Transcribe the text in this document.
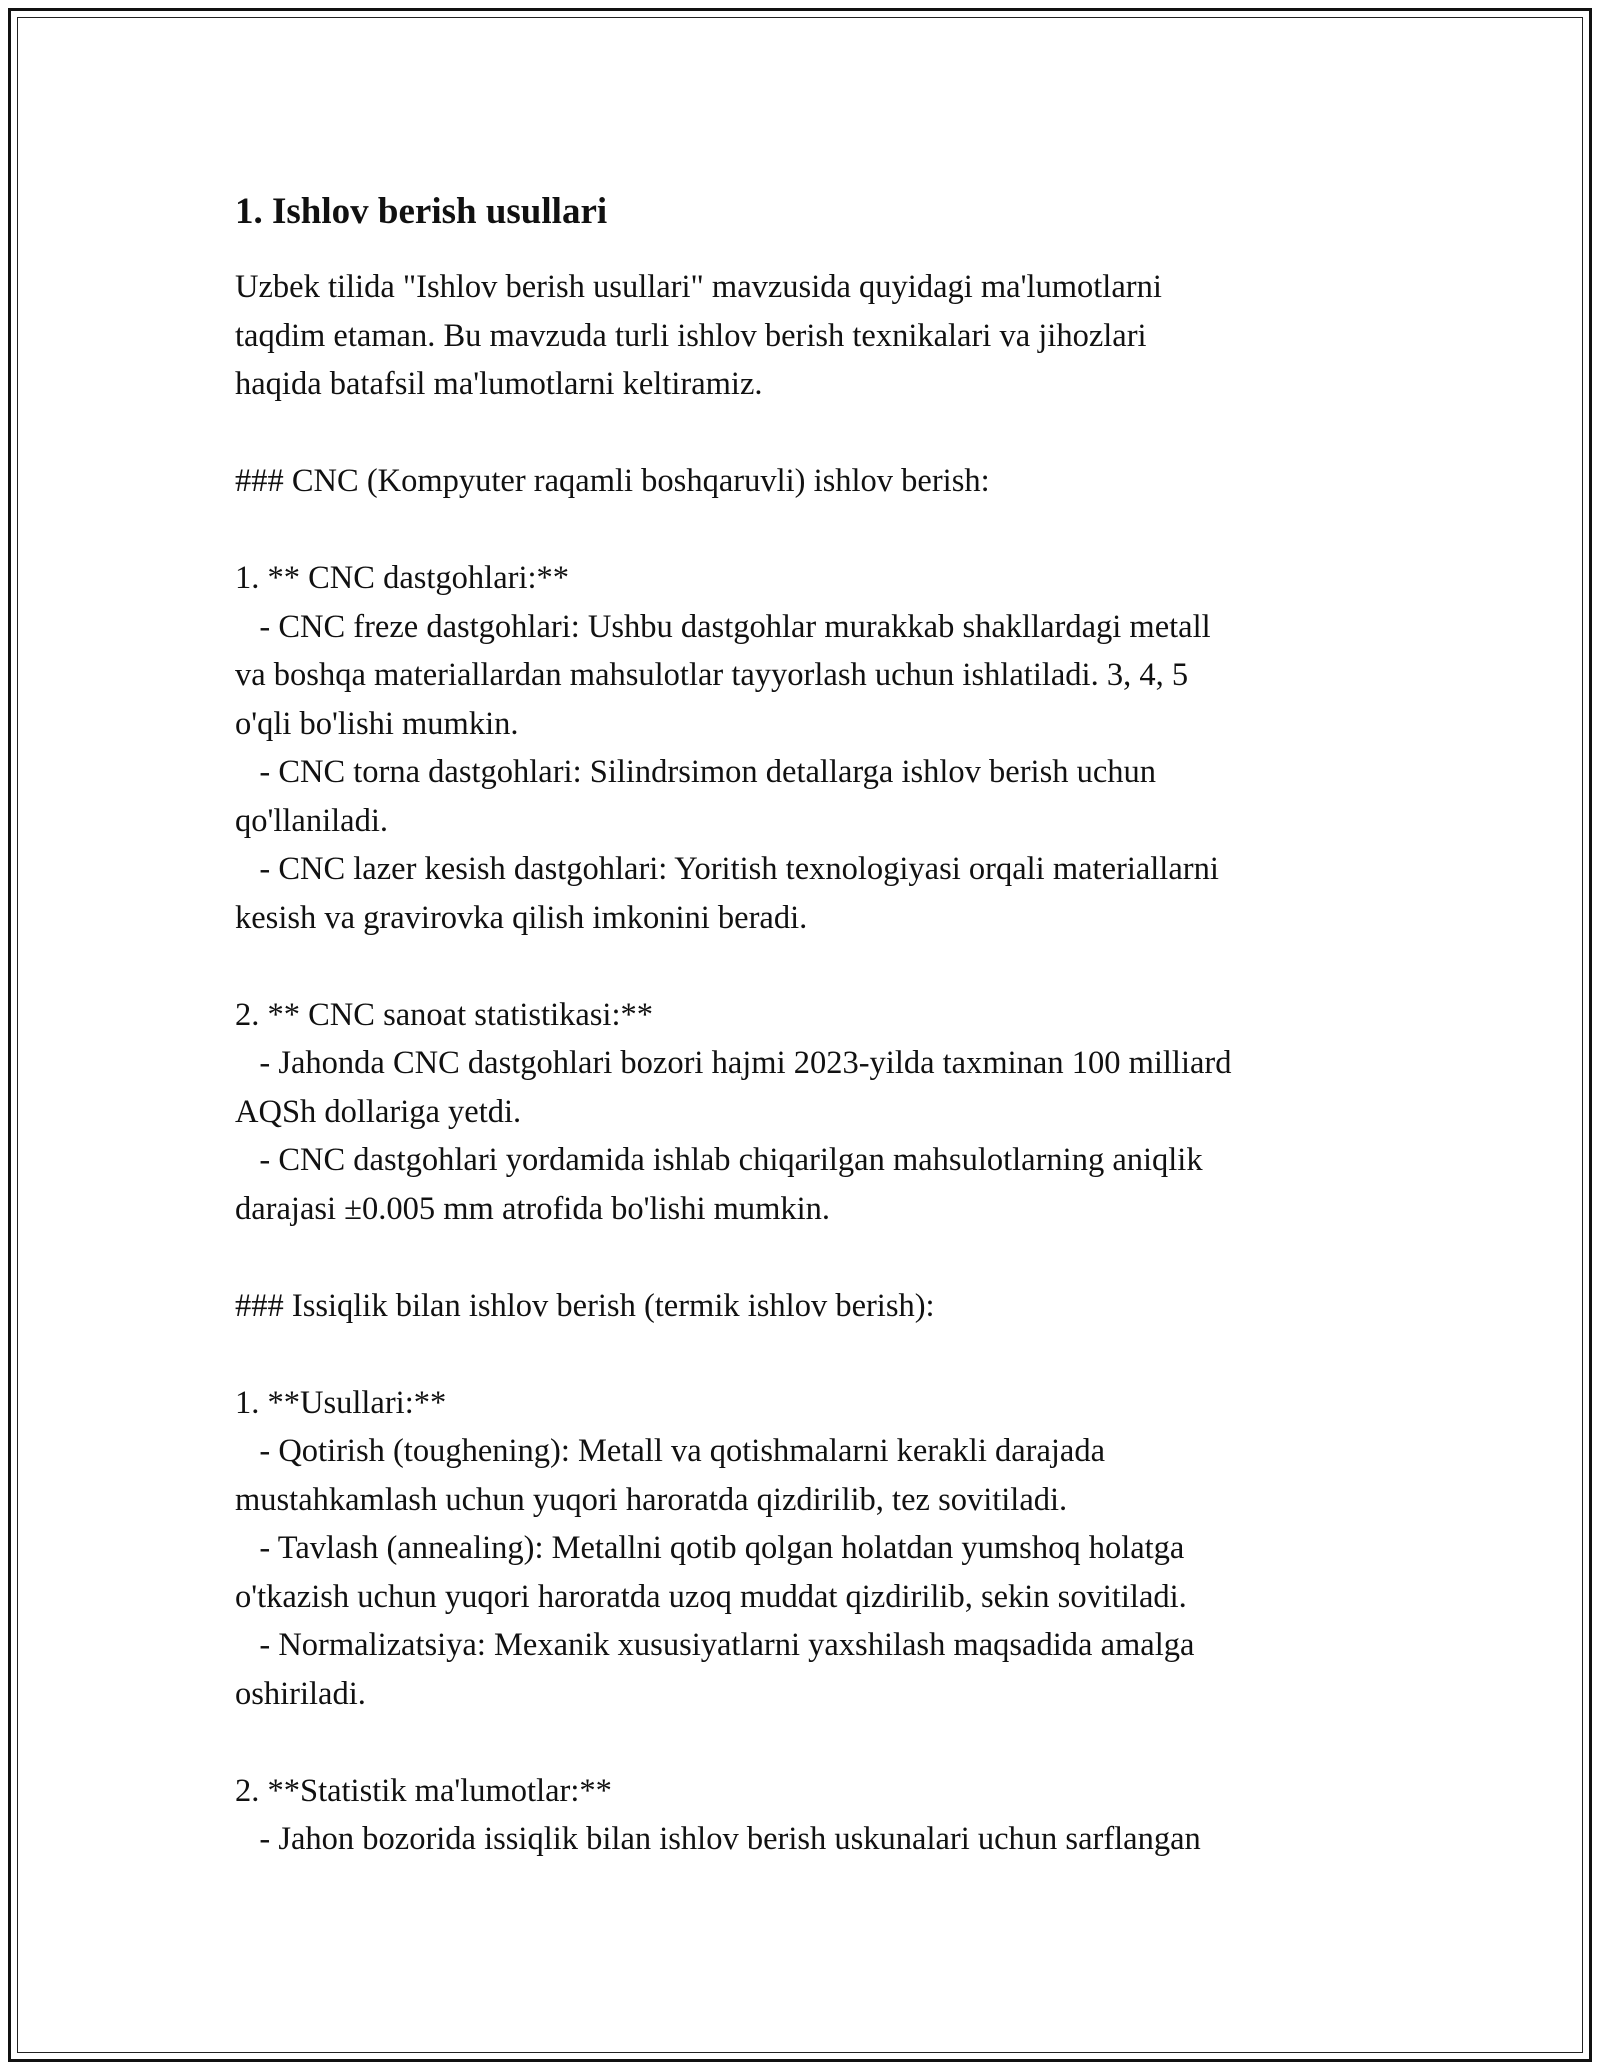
1. Ishlov berish usullari

Uzbek tilida "Ishlov berish usullari" mavzusida quyidagi ma'lumotlarni
taqdim etaman. Bu mavzuda turli ishlov berish texnikalari va jihozlari
haqida batafsil ma'lumotlarni keltiramiz.

### CNC (Kompyuter raqamli boshqaruvli) ishlov berish:

1. ** CNC dastgohlari:**

- CNC freze dastgohlari: Ushbu dastgohlar murakkab shakllardagi metall
va boshqa materiallardan mahsulotlar tayyorlash uchun ishlatiladi. 3, 4, 5
o'qli bo'lishi mumkin.

- CNC torna dastgohlari: Silindrsimon detallarga ishlov berish uchun
qo'llaniladi.

- CNC lazer kesish dastgohlari: Yoritish texnologiyasi orqali materiallarni
kesish va gravirovka qilish imkonini beradi.

2. ** CNC sanoat statistikasi:**

- Jahonda CNC dastgohlari bozori hajmi 2023-yilda taxminan 100 milliard
AQSh dollariga yetdi.

- CNC dastgohlari yordamida ishlab chiqarilgan mahsulotlarning aniqlik
darajasi ±0.005 mm atrofida bo'lishi mumkin.

### Issiqlik bilan ishlov berish (termik ishlov berish):

1. **Usullari:**

- Qotirish (toughening): Metall va qotishmalarni kerakli darajada
mustahkamlash uchun yuqori haroratda qizdirilib, tez sovitiladi.

- Tavlash (annealing): Metallni qotib qolgan holatdan yumshoq holatga
o'tkazish uchun yuqori haroratda uzoq muddat qizdirilib, sekin sovitiladi.

- Normalizatsiya: Mexanik xususiyatlarni yaxshilash maqsadida amalga
oshiriladi.

2. **Statistik ma'lumotlar:**

- Jahon bozorida issiqlik bilan ishlov berish uskunalari uchun sarflangan
